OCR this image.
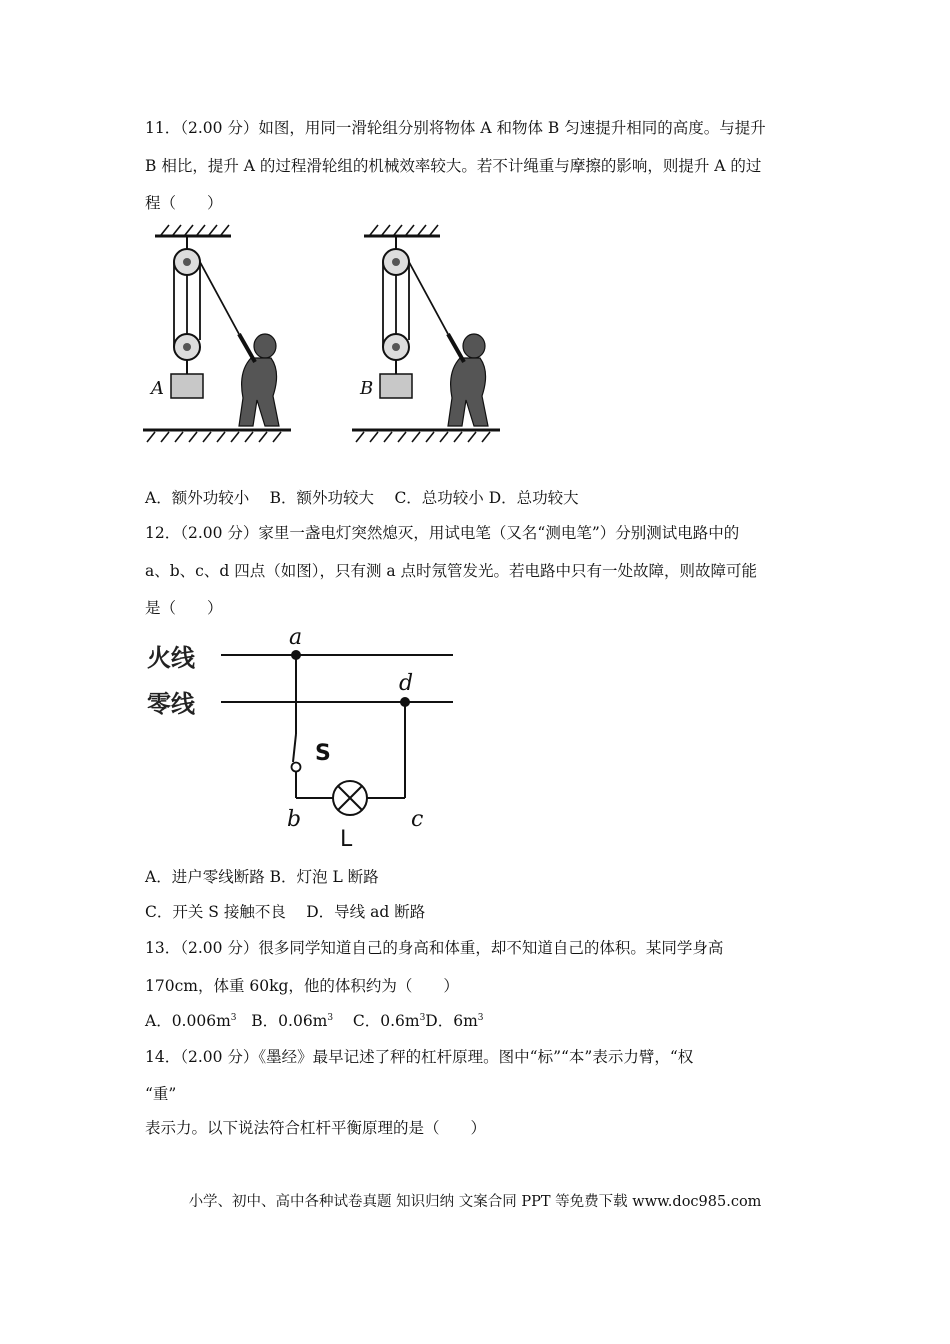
11．（2.00 分）如图，用同一滑轮组分别将物体 A 和物体 B 匀速提升相同的高度。与提升
B 相比，提升 A 的过程滑轮组的机械效率较大。若不计绳重与摩擦的影响，则提升 A 的过
程（　　）
A	B
A．额外功较小　 B．额外功较大　 C．总功较小 D．总功较大
12．（2.00 分）家里一盏电灯突然熄灭，用试电笔（又名“测电笔”）分别测试电路中的
a、b、c、d 四点（如图），只有测 a 点时氖管发光。若电路中只有一处故障，则故障可能
是（　　）
火线
零线
a
S
d
b	c
L
A．进户零线断路 B．灯泡 L 断路
C．开关 S 接触不良　 D．导线 ad 断路
13．（2.00 分）很多同学知道自己的身高和体重，却不知道自己的体积。某同学身高
170cm，体重 60kg，他的体积约为（　　）
A．$0.006m^3$ B．$0.06m^3$ C．$0.6m^3D$．$6m^3$
14．（2.00 分）《墨经》最早记述了秤的杠杆原理。图中“标”“本”表示力臂，“权
“重”
表示力。以下说法符合杠杆平衡原理的是（　　）
小学、初中、高中各种试卷真题 知识归纳 文案合同 PPT 等免费下载 www.doc985.com
